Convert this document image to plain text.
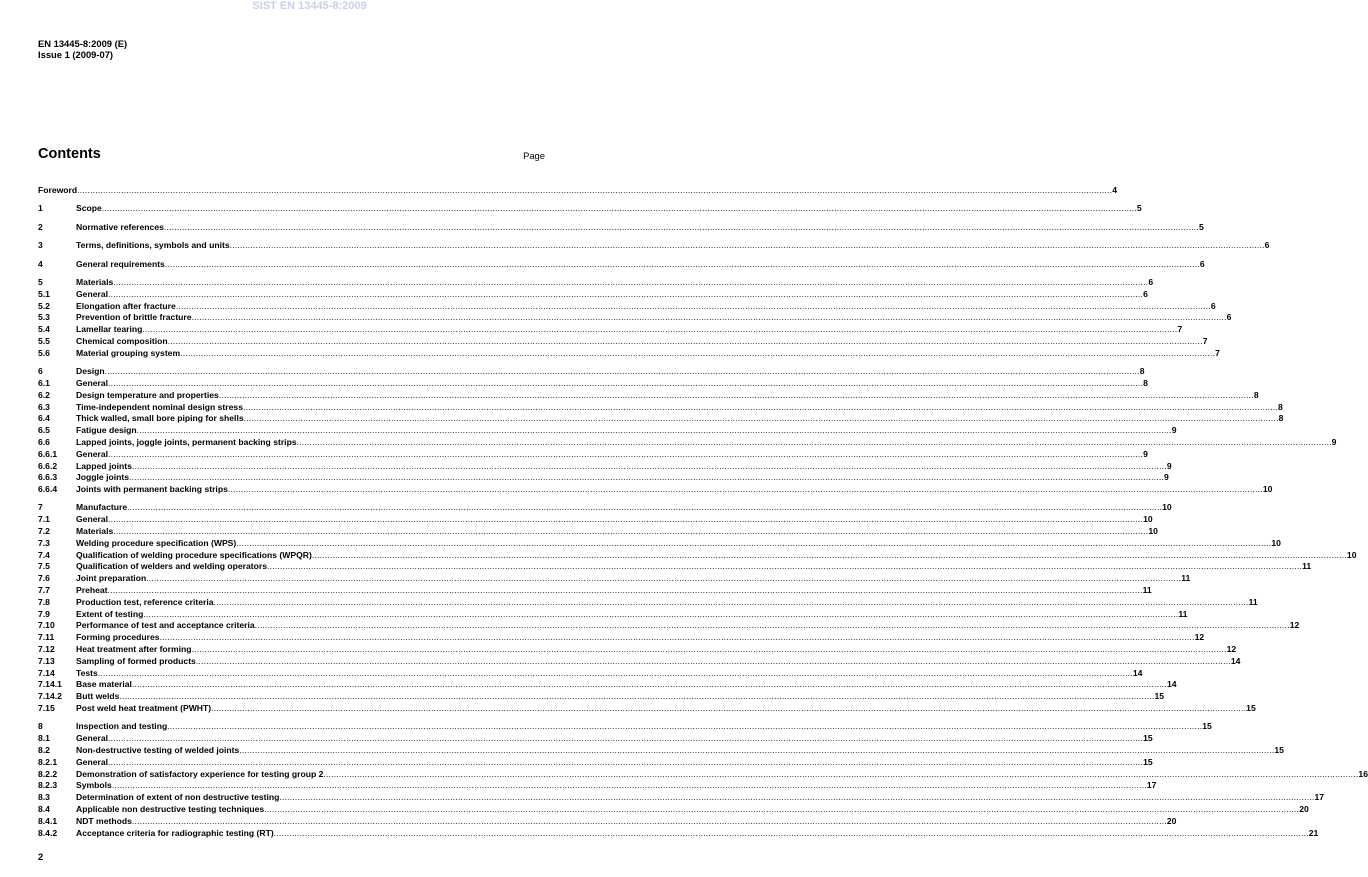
SIST EN 13445-8:2009
EN 13445-8:2009 (E)
Issue 1 (2009-07)
Contents	Page
Foreword ................................................................................................................................................................................................................................................................................................................................................................................................................ 4
1	Scope ................................................................................................................................................................................................................................................................................................................................................................................................................ 5
2	Normative references ................................................................................................................................................................................................................................................................................................................................................................................................................ 5
3	Terms, definitions, symbols and units ................................................................................................................................................................................................................................................................................................................................................................................................................ 6
4	General requirements ................................................................................................................................................................................................................................................................................................................................................................................................................ 6
5	Materials ................................................................................................................................................................................................................................................................................................................................................................................................................ 6
5.1	General ................................................................................................................................................................................................................................................................................................................................................................................................................ 6
5.2	Elongation after fracture ................................................................................................................................................................................................................................................................................................................................................................................................................ 6
5.3	Prevention of brittle fracture ................................................................................................................................................................................................................................................................................................................................................................................................................ 6
5.4	Lamellar tearing ................................................................................................................................................................................................................................................................................................................................................................................................................ 7
5.5	Chemical composition ................................................................................................................................................................................................................................................................................................................................................................................................................ 7
5.6	Material grouping system ................................................................................................................................................................................................................................................................................................................................................................................................................ 7
6	Design ................................................................................................................................................................................................................................................................................................................................................................................................................ 8
6.1	General ................................................................................................................................................................................................................................................................................................................................................................................................................ 8
6.2	Design temperature and properties ................................................................................................................................................................................................................................................................................................................................................................................................................ 8
6.3	Time-independent nominal design stress ................................................................................................................................................................................................................................................................................................................................................................................................................ 8
6.4	Thick walled, small bore piping for shells ................................................................................................................................................................................................................................................................................................................................................................................................................ 8
6.5	Fatigue design ................................................................................................................................................................................................................................................................................................................................................................................................................ 9
6.6	Lapped joints, joggle joints, permanent backing strips ................................................................................................................................................................................................................................................................................................................................................................................................................ 9
6.6.1	General ................................................................................................................................................................................................................................................................................................................................................................................................................ 9
6.6.2	Lapped joints ................................................................................................................................................................................................................................................................................................................................................................................................................ 9
6.6.3	Joggle joints ................................................................................................................................................................................................................................................................................................................................................................................................................ 9
6.6.4	Joints with permanent backing strips ................................................................................................................................................................................................................................................................................................................................................................................................................ 10
7	Manufacture ................................................................................................................................................................................................................................................................................................................................................................................................................ 10
7.1	General ................................................................................................................................................................................................................................................................................................................................................................................................................ 10
7.2	Materials ................................................................................................................................................................................................................................................................................................................................................................................................................ 10
7.3	Welding procedure specification (WPS) ................................................................................................................................................................................................................................................................................................................................................................................................................ 10
7.4	Qualification of welding procedure specifications (WPQR) ................................................................................................................................................................................................................................................................................................................................................................................................................ 10
7.5	Qualification of welders and welding operators ................................................................................................................................................................................................................................................................................................................................................................................................................ 11
7.6	Joint preparation ................................................................................................................................................................................................................................................................................................................................................................................................................ 11
7.7	Preheat ................................................................................................................................................................................................................................................................................................................................................................................................................ 11
7.8	Production test, reference criteria ................................................................................................................................................................................................................................................................................................................................................................................................................ 11
7.9	Extent of testing ................................................................................................................................................................................................................................................................................................................................................................................................................ 11
7.10	Performance of test and acceptance criteria ................................................................................................................................................................................................................................................................................................................................................................................................................ 12
7.11	Forming procedures ................................................................................................................................................................................................................................................................................................................................................................................................................ 12
7.12	Heat treatment after forming ................................................................................................................................................................................................................................................................................................................................................................................................................ 12
7.13	Sampling of formed products ................................................................................................................................................................................................................................................................................................................................................................................................................ 14
7.14	Tests ................................................................................................................................................................................................................................................................................................................................................................................................................ 14
7.14.1	Base material ................................................................................................................................................................................................................................................................................................................................................................................................................ 14
7.14.2	Butt welds ................................................................................................................................................................................................................................................................................................................................................................................................................ 15
7.15	Post weld heat treatment (PWHT) ................................................................................................................................................................................................................................................................................................................................................................................................................ 15
8	Inspection and testing ................................................................................................................................................................................................................................................................................................................................................................................................................ 15
8.1	General ................................................................................................................................................................................................................................................................................................................................................................................................................ 15
8.2	Non-destructive testing of welded joints ................................................................................................................................................................................................................................................................................................................................................................................................................ 15
8.2.1	General ................................................................................................................................................................................................................................................................................................................................................................................................................ 15
8.2.2	Demonstration of satisfactory experience for testing group 2 ................................................................................................................................................................................................................................................................................................................................................................................................................ 16
8.2.3	Symbols ................................................................................................................................................................................................................................................................................................................................................................................................................ 17
8.3	Determination of extent of non destructive testing ................................................................................................................................................................................................................................................................................................................................................................................................................ 17
8.4	Applicable non destructive testing techniques ................................................................................................................................................................................................................................................................................................................................................................................................................ 20
8.4.1	NDT methods ................................................................................................................................................................................................................................................................................................................................................................................................................ 20
8.4.2	Acceptance criteria for radiographic testing (RT) ................................................................................................................................................................................................................................................................................................................................................................................................................ 21
2
